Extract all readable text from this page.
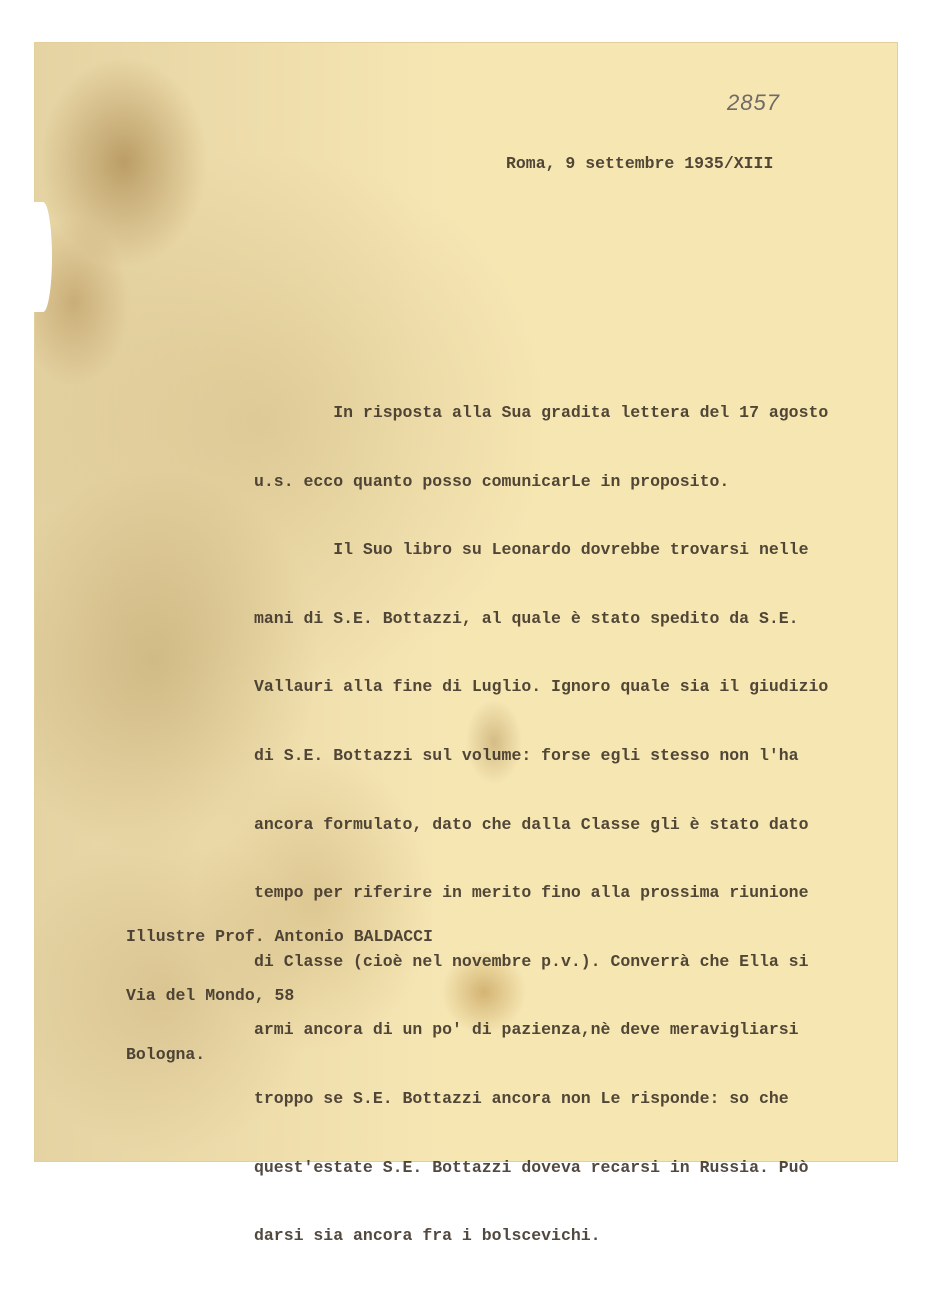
2857
Roma, 9 settembre 1935/XIII

In risposta alla Sua gradita lettera del 17 agosto

u.s. ecco quanto posso comunicarLe in proposito.

Il Suo libro su Leonardo dovrebbe trovarsi nelle

mani di S.E. Bottazzi, al quale è stato spedito da S.E.

Vallauri alla fine di Luglio. Ignoro quale sia il giudizio

di S.E. Bottazzi sul volume: forse egli stesso non l'ha

ancora formulato, dato che dalla Classe gli è stato dato

tempo per riferire in merito fino alla prossima riunione

di Classe (cioè nel novembre p.v.). Converrà che Ella si

armi ancora di un po' di pazienza,nè deve meravigliarsi

troppo se S.E. Bottazzi ancora non Le risponde: so che

quest'estate S.E. Bottazzi doveva recarsi in Russia. Può

darsi sia ancora fra i bolscevichi.

Illustre Prof. Antonio BALDACCI

Via del Mondo, 58

Bologna.
